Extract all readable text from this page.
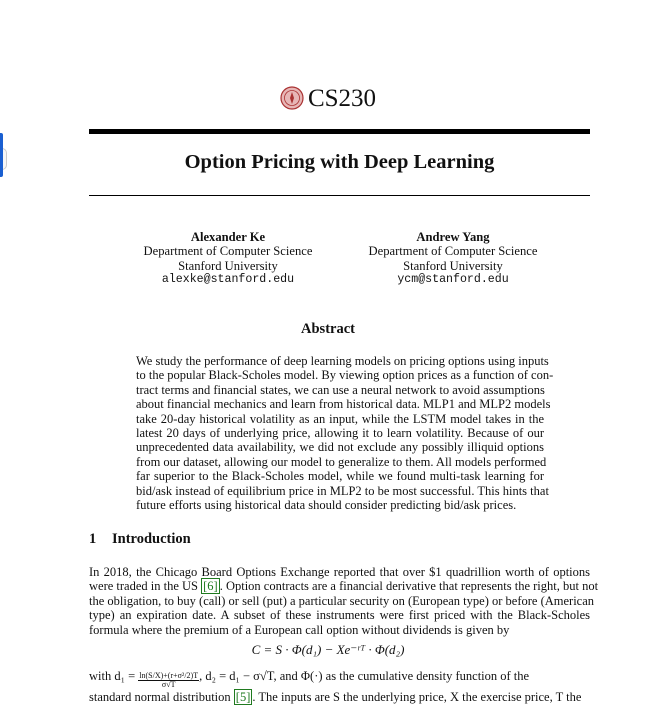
CS230
Option Pricing with Deep Learning
Alexander Ke
Department of Computer Science
Stanford University
alexke@stanford.edu
Andrew Yang
Department of Computer Science
Stanford University
ycm@stanford.edu
Abstract
We study the performance of deep learning models on pricing options using inputs
to the popular Black-Scholes model. By viewing option prices as a function of con-
tract terms and financial states, we can use a neural network to avoid assumptions
about financial mechanics and learn from historical data. MLP1 and MLP2 models
take 20-day historical volatility as an input, while the LSTM model takes in the
latest 20 days of underlying price, allowing it to learn volatility. Because of our
unprecedented data availability, we did not exclude any possibly illiquid options
from our dataset, allowing our model to generalize to them. All models performed
far superior to the Black-Scholes model, while we found multi-task learning for
bid/ask instead of equilibrium price in MLP2 to be most successful. This hints that
future efforts using historical data should consider predicting bid/ask prices.
1 Introduction
In 2018, the Chicago Board Options Exchange reported that over $1 quadrillion worth of options
were traded in the US [6] . Option contracts are a financial derivative that represents the right, but not
the obligation, to buy (call) or sell (put) a particular security on (European type) or before (American
type) an expiration date. A subset of these instruments were first priced with the Black-Scholes
formula where the premium of a European call option without dividends is given by
C = S · Φ(d₁) − Xe⁻ʳᵀ · Φ(d₂)
with $d_1 = \frac{\text{ln(S/X)+(r+σ²/2)T}}{\sigma√T}$, d₂ = d₁ − σ√T, and Φ(·) as the cumulative density function of the
standard normal distribution [5] . The inputs are S the underlying price, X the exercise price, T the
